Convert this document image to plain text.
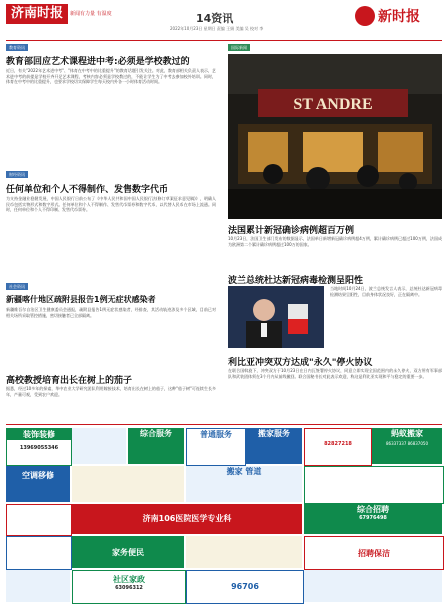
济南时报	新闻有力量 有温度	14资讯
2022年10月23日 星期日 责编 王娟 美编 吴 校对 李
新时报
教育资讯
教育部回应艺术课程进中考:必须是学校教过的
近日，有关"2022年艺术进中考"、"体育在中考中的比重提升"的教育话题引发关注。对此，教育部相关负责人表示，艺术进中考的前提是学校开齐开足艺术课程，考核内容必须是学校教过的，不能让学生为了中考去参加校外培训。同时，体育在中考中的比重提升，也要求学校切实保障学生每天校内外各一小时体育活动时间。
财经资讯
任何单位和个人不得制作、发售数字代币
为支持金融业稳健发展，中国人民银行日前公布了《中华人民共和国中国人民银行法(修订草案征求意见稿)》，明确人民币包括实物形式和数字形式。任何单位和个人不得制作、发售代币票券和数字代币，以代替人民币在市场上流通。同时，任何单位和个人不得印制、发售代币票券。
社会资讯
新疆喀什地区疏附县报告1例无症状感染者
新疆维吾尔自治区卫生健康委员会通报，疏附县报告1例无症状感染者，经排查，其活动轨迹涉及多个区域，目前已对相关场所采取管控措施，密切接触者已全部隔离。
高校教授培育出长在树上的茄子
据悉，经过10多年的探索，华中农业大学研究团队利用嫁接技术，培育出长在树上的茄子，这种"茄子树"可连续生长多年，产量可观，受到农户欢迎。
国际新闻
ST ANDRE
法国累计新冠确诊病例超百万例
10月23日，法国卫生部门发布的数据显示，法国单日新增新冠确诊病例超4万例，累计确诊病例已超过100万例，法国成为欧洲第二个累计确诊病例超过100万的国家。
波兰总统杜达新冠病毒检测呈阳性
当地时间10月24日，波兰总统发言人表示，总统杜达新冠病毒检测结果呈阳性，目前身体状况良好，正在隔离中。
利比亚冲突双方达成"永久"停火协议
在联合国斡旋下，冲突双方于10月23日在日内瓦签署停火协议，同意立即实现全国范围内的永久停火，双方所有军事部队和武装团体须在3个月内从前线撤回。联合国秘书长对此表示欢迎，称这是利比亚实现和平与稳定的重要一步。
装饰装修
13969055346
综合服务	普通服务	搬家服务
82827218
蚂蚁搬家
86337337 86837050
空调移修	搬家 管道
济南106医院医学专业科
综合招聘
67976498
家务便民	招聘保洁
社区家政
63096312	96706
